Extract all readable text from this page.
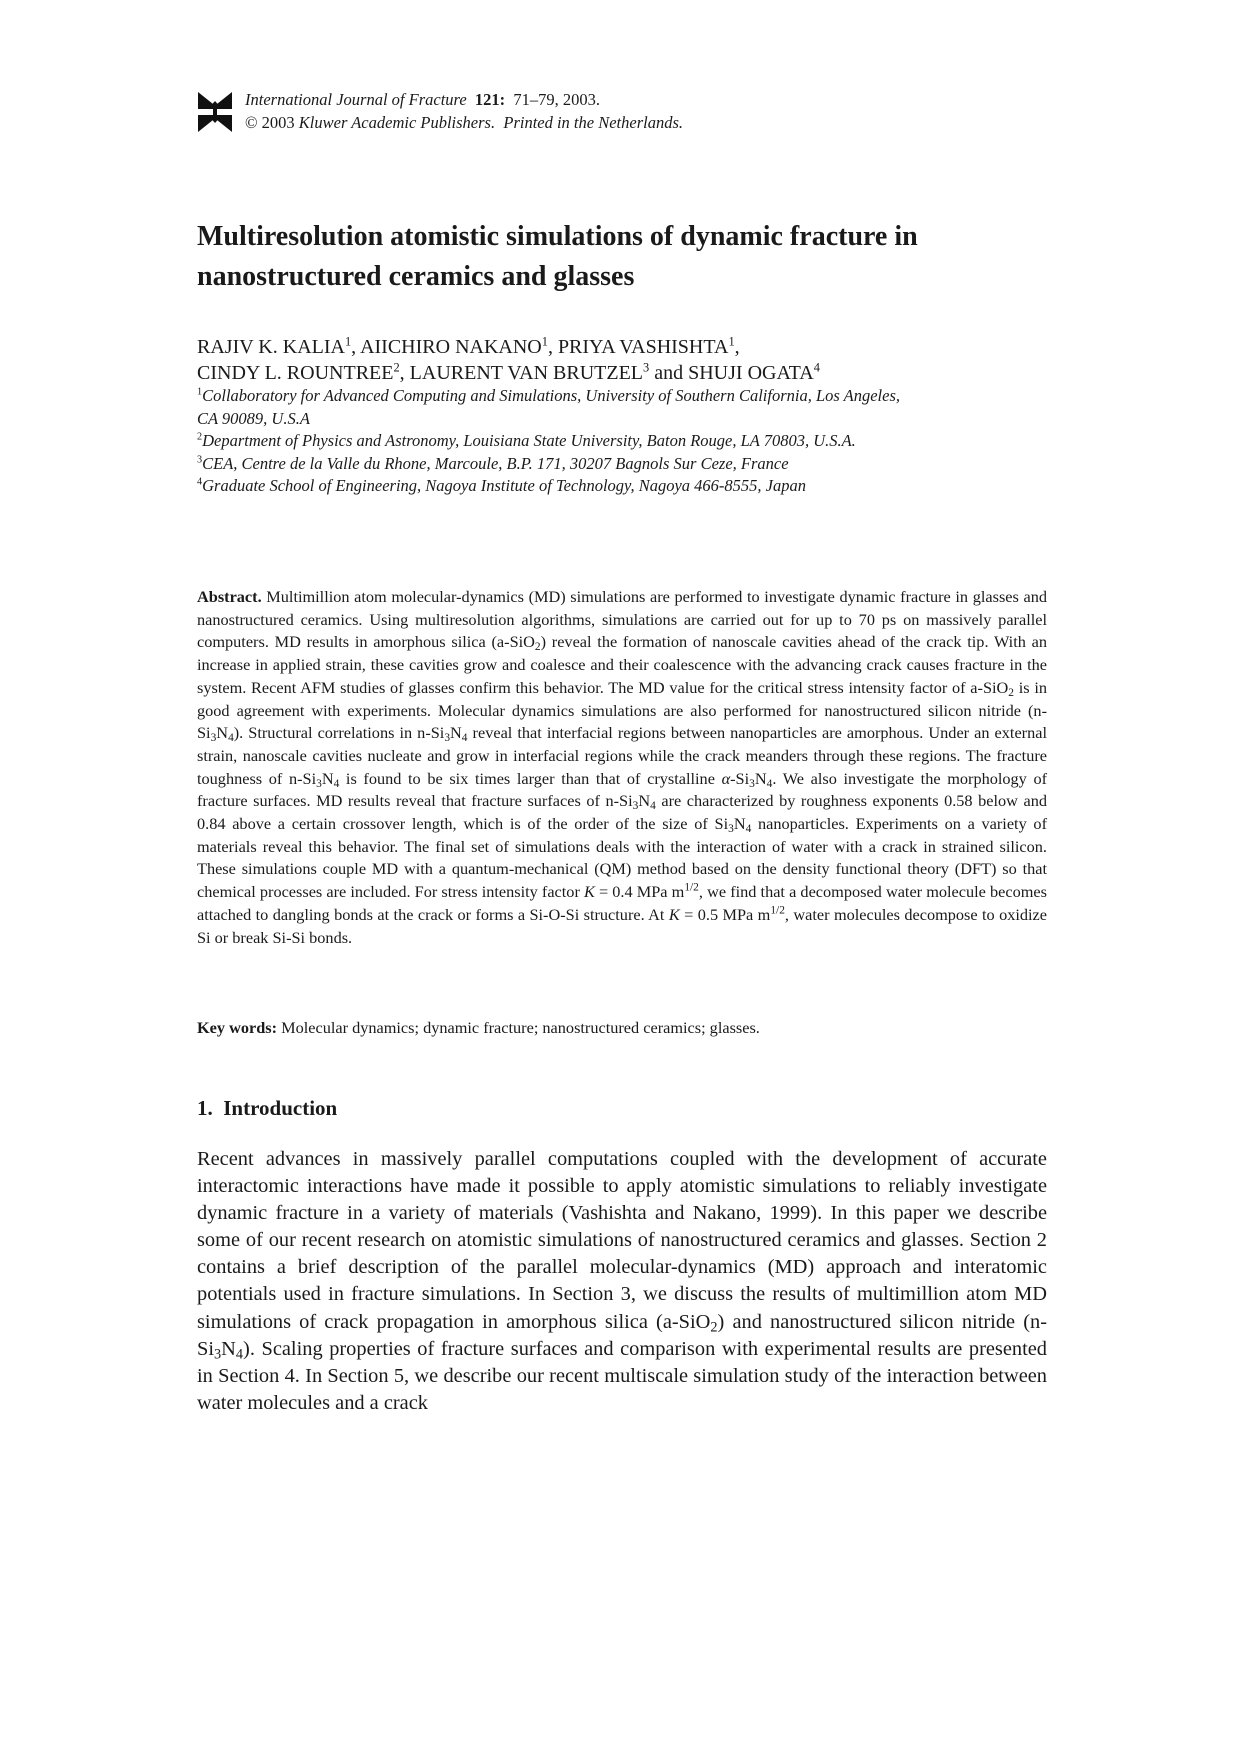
International Journal of Fracture 121: 71–79, 2003.
© 2003 Kluwer Academic Publishers. Printed in the Netherlands.
Multiresolution atomistic simulations of dynamic fracture in
nanostructured ceramics and glasses
RAJIV K. KALIA$^1$, AIICHIRO NAKANO$^1$, PRIYA VASHISHTA$^1$,
CINDY L. ROUNTREE$^2$, LAURENT VAN BRUTZEL$^3$ and SHUJI OGATA$^4$
$^1$Collaboratory for Advanced Computing and Simulations, University of Southern California, Los Angeles,
CA 90089, U.S.A
$^2$Department of Physics and Astronomy, Louisiana State University, Baton Rouge, LA 70803, U.S.A.
$^3$CEA, Centre de la Valle du Rhone, Marcoule, B.P. 171, 30207 Bagnols Sur Ceze, France
$^4$Graduate School of Engineering, Nagoya Institute of Technology, Nagoya 466-8555, Japan

Abstract. Multimillion atom molecular-dynamics (MD) simulations are performed to investigate dynamic fracture in glasses and nanostructured ceramics. Using multiresolution algorithms, simulations are carried out for up to 70 ps on massively parallel computers. MD results in amorphous silica (a-SiO$_2$) reveal the formation of nanoscale cavities ahead of the crack tip. With an increase in applied strain, these cavities grow and coalesce and their coalescence with the advancing crack causes fracture in the system. Recent AFM studies of glasses confirm this behavior. The MD value for the critical stress intensity factor of a-SiO$_2$ is in good agreement with experiments. Molecular dynamics simulations are also performed for nanostructured silicon nitride $(n-Si_3N_4)$. Structural correlations in $n-Si_3N_4$ reveal that interfacial regions between nanoparticles are amorphous. Under an external strain, nanoscale cavities nucleate and grow in interfacial regions while the crack meanders through these regions. The fracture toughness of $n-Si_3N_4$ is found to be six times larger than that of crystalline $\alpha-Si_3N_4$. We also investigate the morphology of fracture surfaces. MD results reveal that fracture surfaces of $n-Si_3N_4$ are characterized by roughness exponents 0.58 below and 0.84 above a certain crossover length, which is of the order of the size of $Si_3N_4$ nanoparticles. Experiments on a variety of materials reveal this behavior. The final set of simulations deals with the interaction of water with a crack in strained silicon. These simulations couple MD with a quantum-mechanical (QM) method based on the density functional theory (DFT) so that chemical processes are included. For stress intensity factor K = 0.4 MPa $m^{1/2}$, we find that a decomposed water molecule becomes attached to dangling bonds at the crack or forms a Si-O-Si structure. At K = 0.5 MPa $m^{1/2}$, water molecules decompose to oxidize Si or break Si-Si bonds.

Key words: Molecular dynamics; dynamic fracture; nanostructured ceramics; glasses.

1. Introduction

Recent advances in massively parallel computations coupled with the development of accurate interactomic interactions have made it possible to apply atomistic simulations to reliably investigate dynamic fracture in a variety of materials (Vashishta and Nakano, 1999). In this paper we describe some of our recent research on atomistic simulations of nanostructured ceramics and glasses. Section 2 contains a brief description of the parallel molecular-dynamics (MD) approach and interatomic potentials used in fracture simulations. In Section 3, we discuss the results of multimillion atom MD simulations of crack propagation in amorphous silica (a-SiO$_2$) and nanostructured silicon nitride $(n-Si_3N_4)$. Scaling properties of fracture surfaces and comparison with experimental results are presented in Section 4. In Section 5, we describe our recent multiscale simulation study of the interaction between water molecules and a crack
